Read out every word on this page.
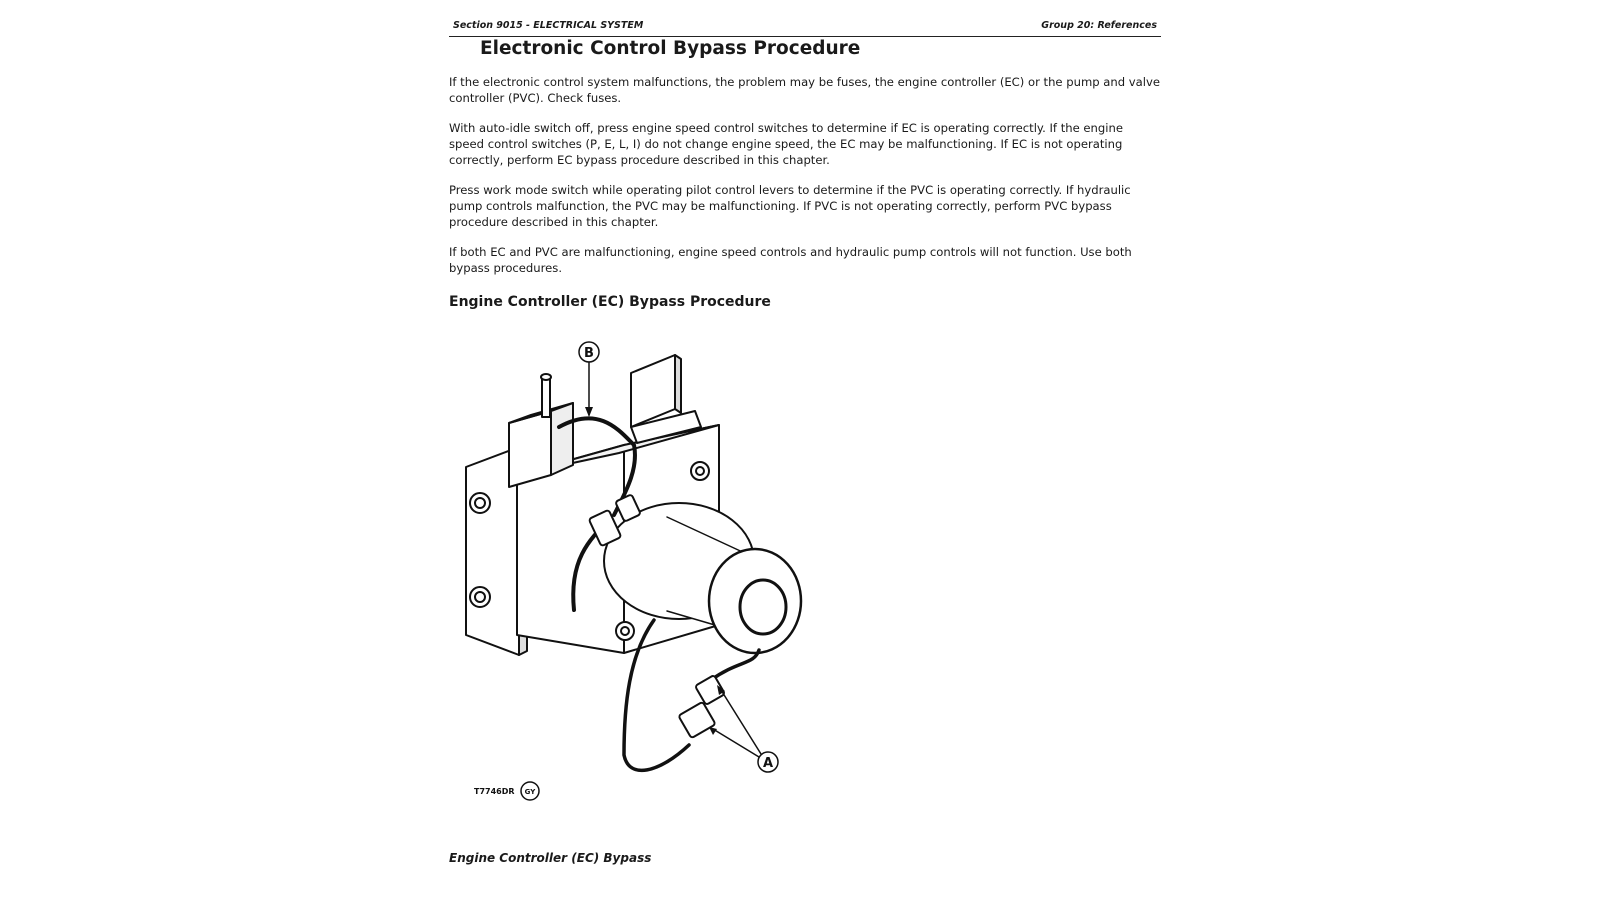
Section 9015 - ELECTRICAL SYSTEM	Group 20: References
Electronic Control Bypass Procedure

If the electronic control system malfunctions, the problem may be fuses, the engine controller (EC) or the pump and valve controller (PVC). Check fuses.

With auto-idle switch off, press engine speed control switches to determine if EC is operating correctly. If the engine speed control switches (P, E, L, I) do not change engine speed, the EC may be malfunctioning. If EC is not operating correctly, perform EC bypass procedure described in this chapter.

Press work mode switch while operating pilot control levers to determine if the PVC is operating correctly. If hydraulic pump controls malfunction, the PVC may be malfunctioning. If PVC is not operating correctly, perform PVC bypass procedure described in this chapter.

If both EC and PVC are malfunctioning, engine speed controls and hydraulic pump controls will not function. Use both bypass procedures.

Engine Controller (EC) Bypass Procedure
B
A
T7746DR GY

Engine Controller (EC) Bypass
